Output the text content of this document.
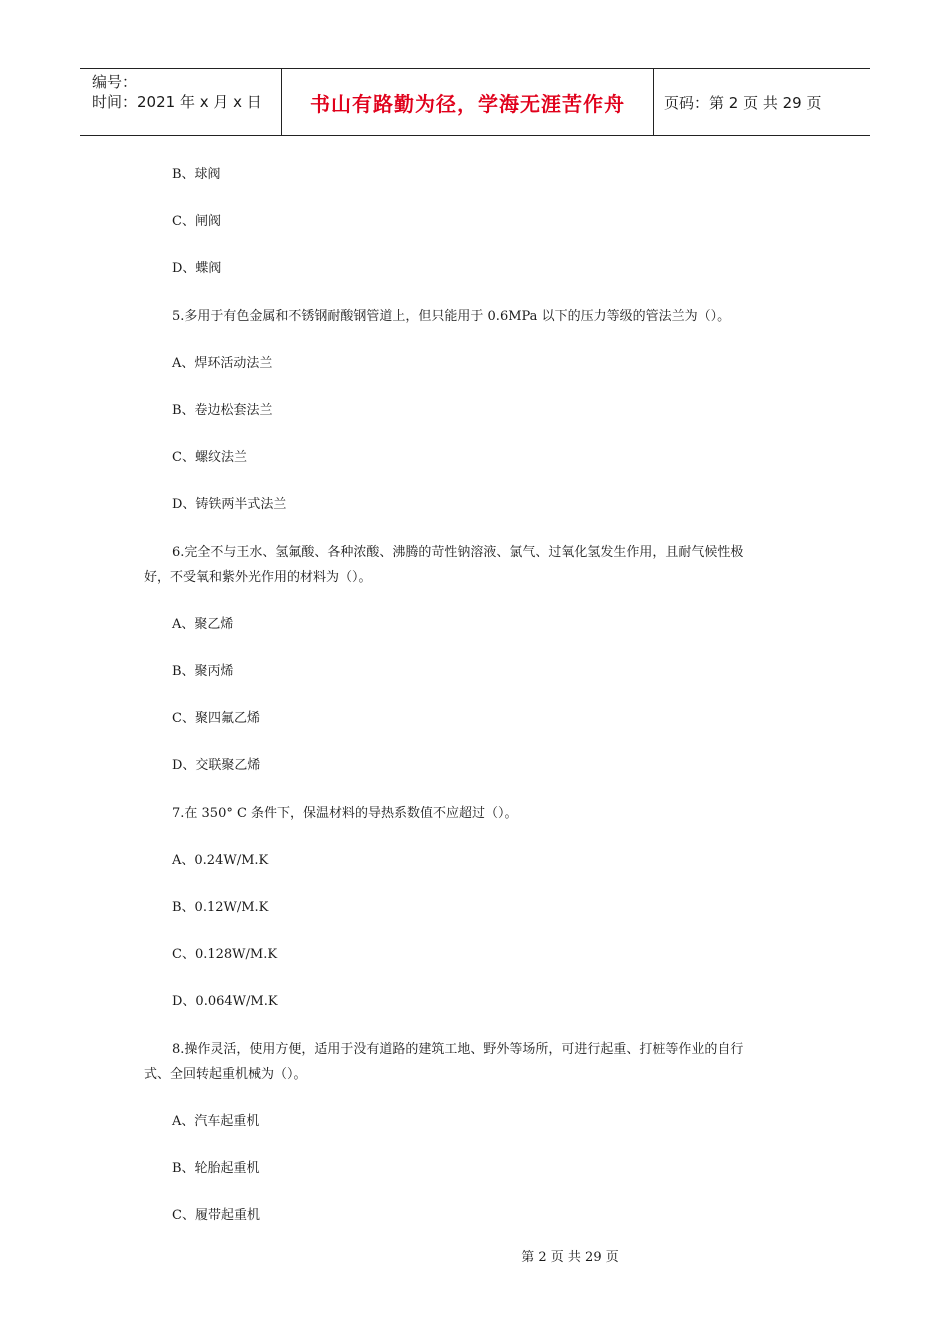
编号：
时间：2021 年 x 月 x 日	书山有路勤为径，学海无涯苦作舟	页码：第 2 页 共 29 页
B、球阀
C、闸阀
D、蝶阀
5.多用于有色金属和不锈钢耐酸钢管道上，但只能用于 0.6MPa 以下的压力等级的管法兰为（）。
A、焊环活动法兰
B、卷边松套法兰
C、螺纹法兰
D、铸铁两半式法兰
6.完全不与王水、氢氟酸、各种浓酸、沸腾的苛性钠溶液、氯气、过氧化氢发生作用，且耐气候性极
好，不受氧和紫外光作用的材料为（）。
A、聚乙烯
B、聚丙烯
C、聚四氟乙烯
D、交联聚乙烯
7.在 350° C 条件下，保温材料的导热系数值不应超过（）。
A、0.24W/M.K
B、0.12W/M.K
C、0.128W/M.K
D、0.064W/M.K
8.操作灵活，使用方便，适用于没有道路的建筑工地、野外等场所，可进行起重、打桩等作业的自行
式、全回转起重机械为（）。
A、汽车起重机
B、轮胎起重机
C、履带起重机
第 2 页 共 29 页
